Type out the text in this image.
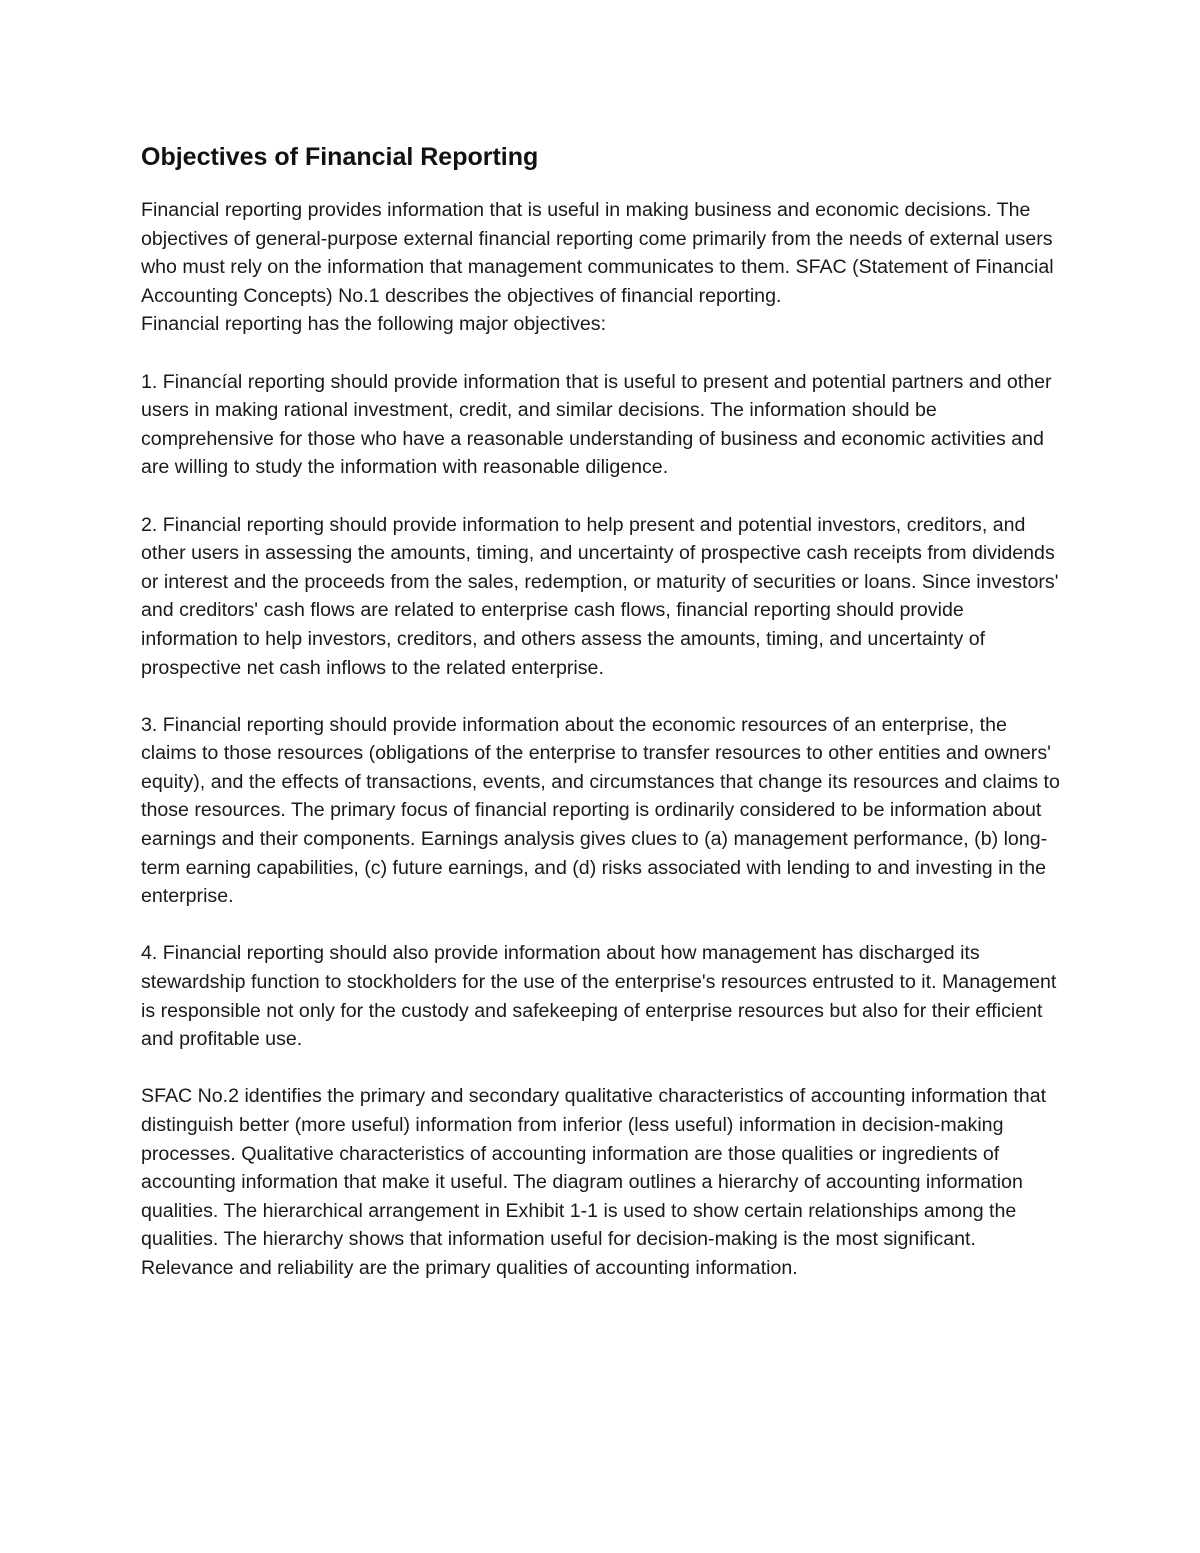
Objectives of Financial Reporting

Financial reporting provides information that is useful in making business and economic decisions. The objectives of general-purpose external financial reporting come primarily from the needs of external users who must rely on the information that management communicates to them. SFAC (Statement of Financial Accounting Concepts) No.1 describes the objectives of financial reporting.

Financial reporting has the following major objectives:

1. Financíal reporting should provide information that is useful to present and potential partners and other users in making rational investment, credit, and similar decisions. The information should be comprehensive for those who have a reasonable understanding of business and economic activities and are willing to study the information with reasonable diligence.

2. Financial reporting should provide information to help present and potential investors, creditors, and other users in assessing the amounts, timing, and uncertainty of prospective cash receipts from dividends or interest and the proceeds from the sales, redemption, or maturity of securities or loans. Since investors' and creditors' cash flows are related to enterprise cash flows, financial reporting should provide information to help investors, creditors, and others assess the amounts, timing, and uncertainty of prospective net cash inflows to the related enterprise.

3. Financial reporting should provide information about the economic resources of an enterprise, the claims to those resources (obligations of the enterprise to transfer resources to other entities and owners' equity), and the effects of transactions, events, and circumstances that change its resources and claims to those resources. The primary focus of financial reporting is ordinarily considered to be information about earnings and their components. Earnings analysis gives clues to (a) management performance, (b) long-term earning capabilities, (c) future earnings, and (d) risks associated with lending to and investing in the enterprise.

4. Financial reporting should also provide information about how management has discharged its stewardship function to stockholders for the use of the enterprise's resources entrusted to it. Management is responsible not only for the custody and safekeeping of enterprise resources but also for their efficient and profitable use.

SFAC No.2 identifies the primary and secondary qualitative characteristics of accounting information that distinguish better (more useful) information from inferior (less useful) information in decision-making processes. Qualitative characteristics of accounting information are those qualities or ingredients of accounting information that make it useful. The diagram outlines a hierarchy of accounting information qualities. The hierarchical arrangement in Exhibit 1-1 is used to show certain relationships among the qualities. The hierarchy shows that information useful for decision-making is the most significant. Relevance and reliability are the primary qualities of accounting information.
